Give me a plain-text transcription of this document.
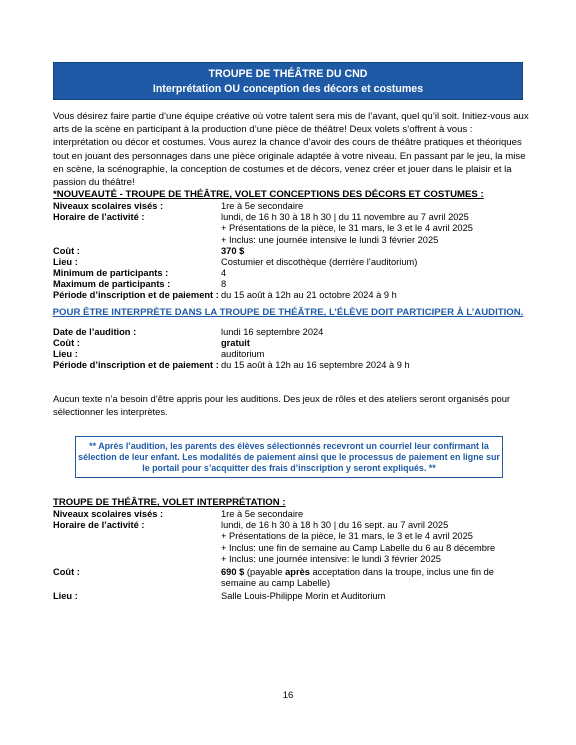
TROUPE DE THÉÂTRE DU CND
Interprétation OU conception des décors et costumes
Vous désirez faire partie d’une équipe créative où votre talent sera mis de l’avant, quel qu’il soit. Initiez-vous aux arts de la scène en participant à la production d’une pièce de théâtre! Deux volets s’offrent à vous : interprétation ou décor et costumes. Vous aurez la chance d’avoir des cours de théâtre pratiques et théoriques tout en jouant des personnages dans une pièce originale adaptée à votre niveau. En passant par le jeu, la mise en scène, la scénographie, la conception de costumes et de décors, venez créer et jouer dans le plaisir et la passion du théâtre!
*NOUVEAUTÉ - TROUPE DE THÉÂTRE, VOLET CONCEPTIONS DES DÉCORS ET COSTUMES :
Niveaux scolaires visés :	1re à 5e secondaire
Horaire de l’activité :	lundi, de 16 h 30 à 18 h 30 | du 11 novembre au 7 avril 2025
+ Présentations de la pièce, le 31 mars, le 3 et le 4 avril 2025
+ Inclus: une journée intensive le lundi 3 février 2025
Coût :	370 $
Lieu :	Costumier et discothèque (derrière l’auditorium)
Minimum de participants :	4
Maximum de participants :	8
Période d’inscription et de paiement : du 15 août à 12h au 21 octobre 2024 à 9 h
POUR ÊTRE INTERPRÈTE DANS LA TROUPE DE THÉÂTRE, L’ÉLÈVE DOIT PARTICIPER À L’AUDITION.
Date de l’audition :	lundi 16 septembre 2024
Coût :	gratuit
Lieu :	auditorium
Période d’inscription et de paiement : du 15 août à 12h au 16 septembre 2024 à 9 h
Aucun texte n’a besoin d’être appris pour les auditions. Des jeux de rôles et des ateliers seront organisés pour sélectionner les interprètes.
** Après l’audition, les parents des élèves sélectionnés recevront un courriel leur confirmant la sélection de leur enfant. Les modalités de paiement ainsi que le processus de paiement en ligne sur le portail pour s’acquitter des frais d’inscription y seront expliqués. **
TROUPE DE THÉÂTRE, VOLET INTERPRÉTATION :
Niveaux scolaires visés :	1re à 5e secondaire
Horaire de l’activité :	lundi, de 16 h 30 à 18 h 30 | du 16 sept. au 7 avril 2025
+ Présentations de la pièce, le 31 mars, le 3 et le 4 avril 2025
+ Inclus: une fin de semaine au Camp Labelle du 6 au 8 décembre
+ Inclus: une journée intensive: le lundi 3 février 2025
Coût :	690 $ (payable après acceptation dans la troupe, inclus une fin de semaine au camp Labelle)
Lieu :	Salle Louis-Philippe Morin et Auditorium
16
